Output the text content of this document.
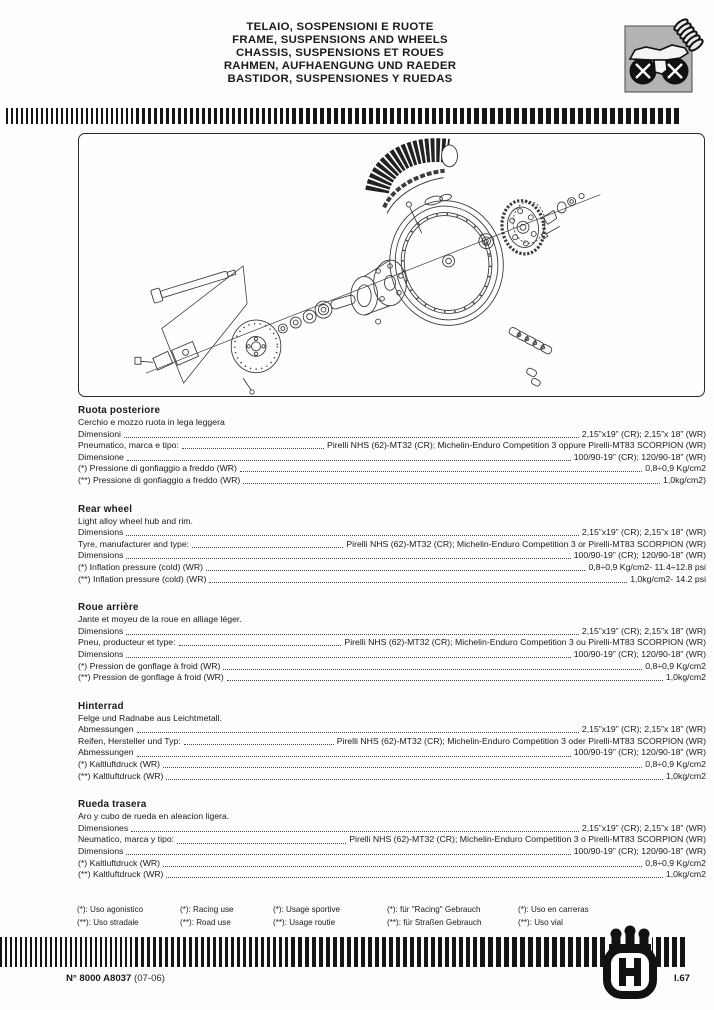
TELAIO, SOSPENSIONI E RUOTE
FRAME, SUSPENSIONS AND WHEELS
CHASSIS, SUSPENSIONS ET ROUES
RAHMEN, AUFHAENGUNG UND RAEDER
BASTIDOR, SUSPENSIONES Y RUEDAS
Ruota posteriore
Cerchio e mozzo ruota in lega leggera
Dimensioni	2,15”x19” (CR); 2,15”x 18” (WR)
Pneumatico, marca e tipo:	Pirelli NHS (62)-MT32 (CR); Michelin-Enduro Competition 3 oppure Pirelli-MT83 SCORPION (WR)
Dimensione	100/90-19” (CR); 120/90-18” (WR)
(*) Pressione di gonfiaggio a freddo (WR)	0,8÷0,9 Kg/cm2
(**) Pressione di gonfiaggio a freddo (WR)	1,0kg/cm2)
Rear wheel
Light alloy wheel hub and rim.
Dimensions	2,15”x19” (CR); 2,15”x 18” (WR)
Tyre, manufacturer and type:	Pirelli NHS (62)-MT32 (CR); Michelin-Enduro Competition 3 or Pirelli-MT83 SCORPION (WR)
Dimensions	100/90-19” (CR); 120/90-18” (WR)
(*) Inflation pressure (cold) (WR)	0,8÷0,9 Kg/cm2- 11.4÷12.8 psi
(**) Inflation pressure (cold) (WR)	1,0kg/cm2- 14.2 psi
Roue arrière
Jante et moyeu de la roue en alliage léger.
Dimensions	2,15”x19” (CR); 2,15”x 18” (WR)
Pneu, producteur et type:	Pirelli NHS (62)-MT32 (CR); Michelin-Enduro Competition 3 ou Pirelli-MT83 SCORPION (WR)
Dimensions	100/90-19” (CR); 120/90-18” (WR)
(*) Pression de gonflage à froid (WR)	0,8÷0,9 Kg/cm2
(**) Pression de gonflage à froid (WR)	1,0kg/cm2
Hinterrad
Felge und Radnabe aus Leichtmetall.
Abmessungen	2,15”x19” (CR); 2,15”x 18” (WR)
Reifen, Hersteller und Typ:	Pirelli NHS (62)-MT32 (CR); Michelin-Enduro Competition 3 oder Pirelli-MT83 SCORPION (WR)
Abmessungen	100/90-19” (CR); 120/90-18” (WR)
(*) Kaltluftdruck (WR)	0,8÷0,9 Kg/cm2
(**) Kaltluftdruck (WR)	1,0kg/cm2
Rueda trasera
Aro y cubo de rueda en aleacion ligera.
Dimensiones	2,15”x19” (CR); 2,15”x 18” (WR)
Neumatico, marca y tipo:	Pirelli NHS (62)-MT32 (CR); Michelin-Enduro Competition 3 o Pirelli-MT83 SCORPION (WR)
Dimensions	100/90-19” (CR); 120/90-18” (WR)
(*) Kaltluftdruck (WR)	0,8÷0,9 Kg/cm2
(**) Kaltluftdruck (WR)	1,0kg/cm2
(*): Uso agonistico
(**): Uso stradale
(*): Racing use
(**): Road use
(*): Usage sportive
(**): Usage routie
(*): für "Racing" Gebrauch
(**): für Straßen Gebrauch
(*): Uso en carreras
(**): Uso vial
N° 8000 A8037 (07-06)	I.67
